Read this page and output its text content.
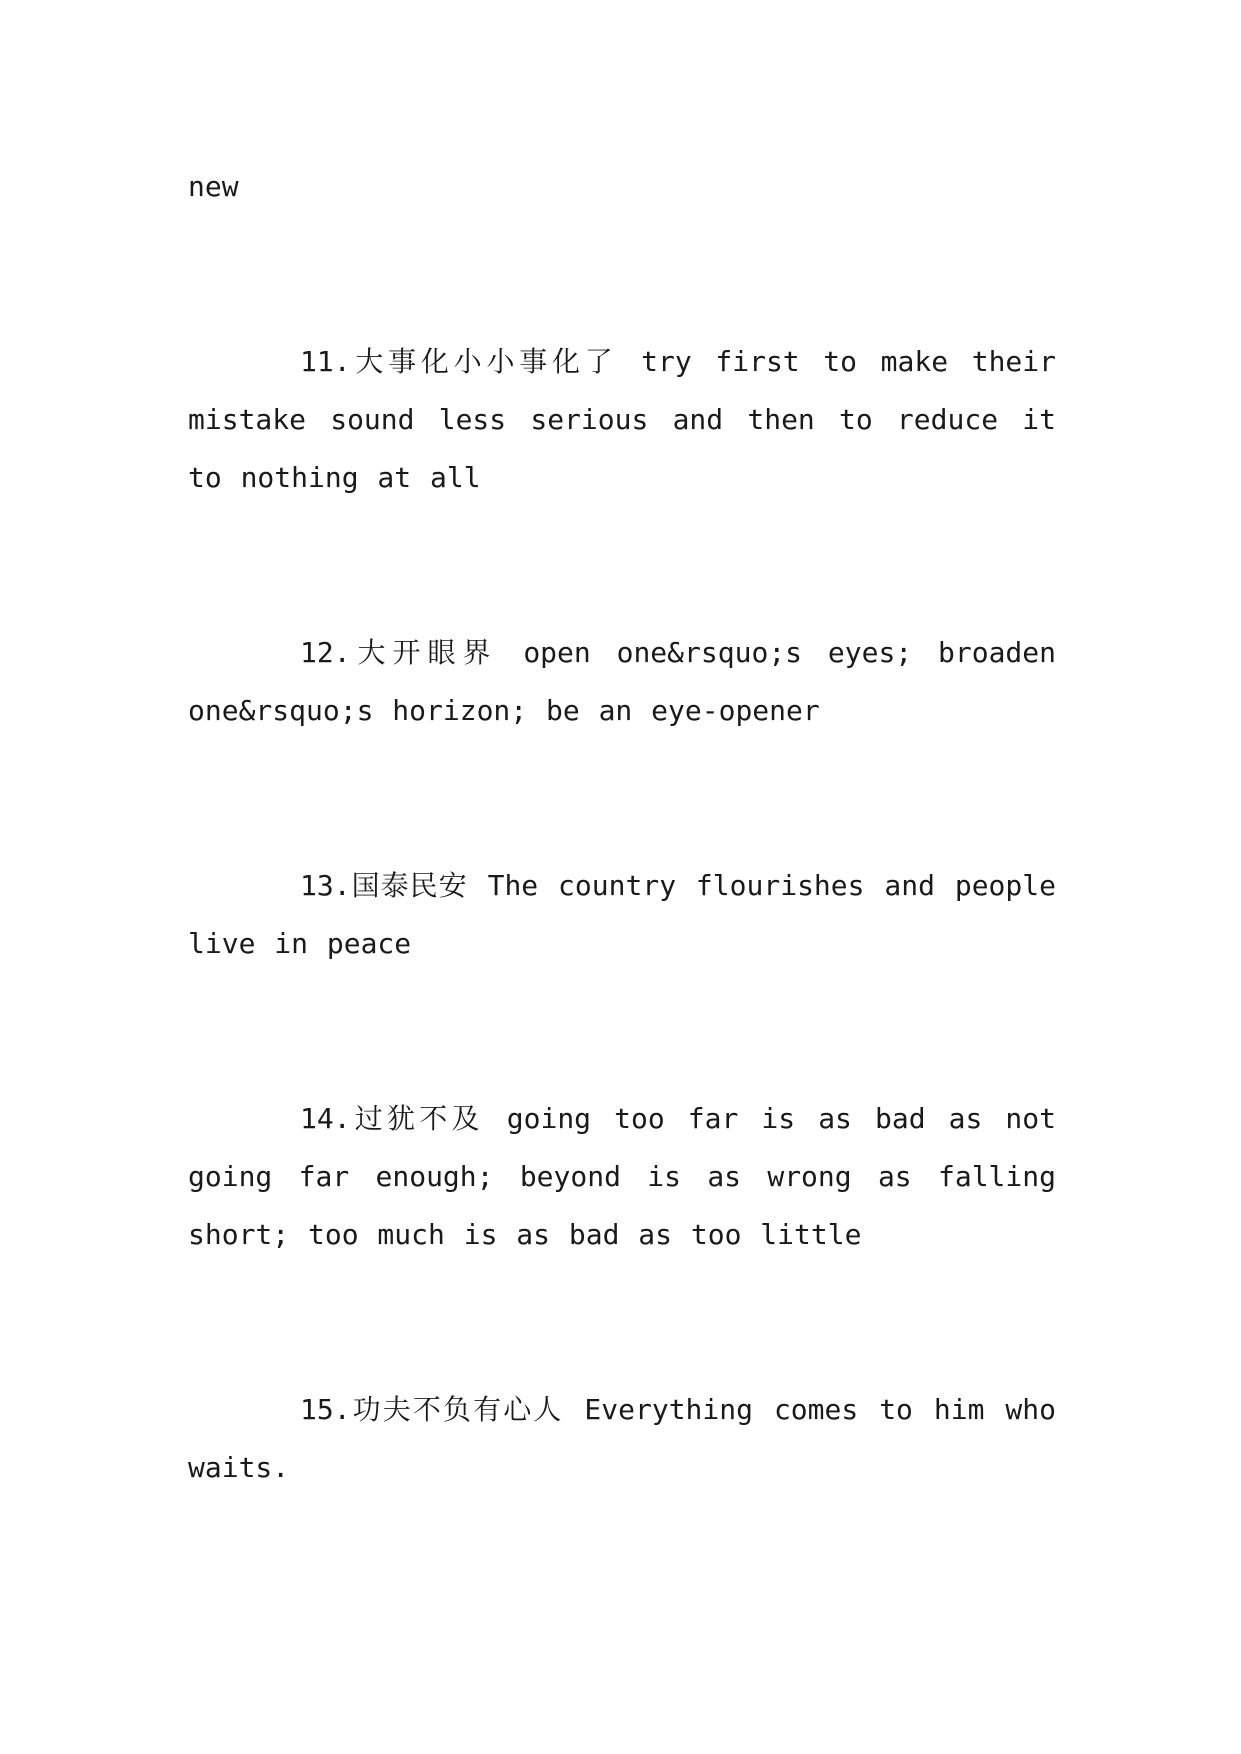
new

11.大事化小小事化了 try first to make their mistake sound less serious and then to reduce it to nothing at all

12.大开眼界 open one&rsquo;s eyes; broaden one&rsquo;s horizon; be an eye-opener

13.国泰民安 The country flourishes and people live in peace

14.过犹不及 going too far is as bad as not going far enough; beyond is as wrong as falling short; too much is as bad as too little

15.功夫不负有心人 Everything comes to him who waits.
